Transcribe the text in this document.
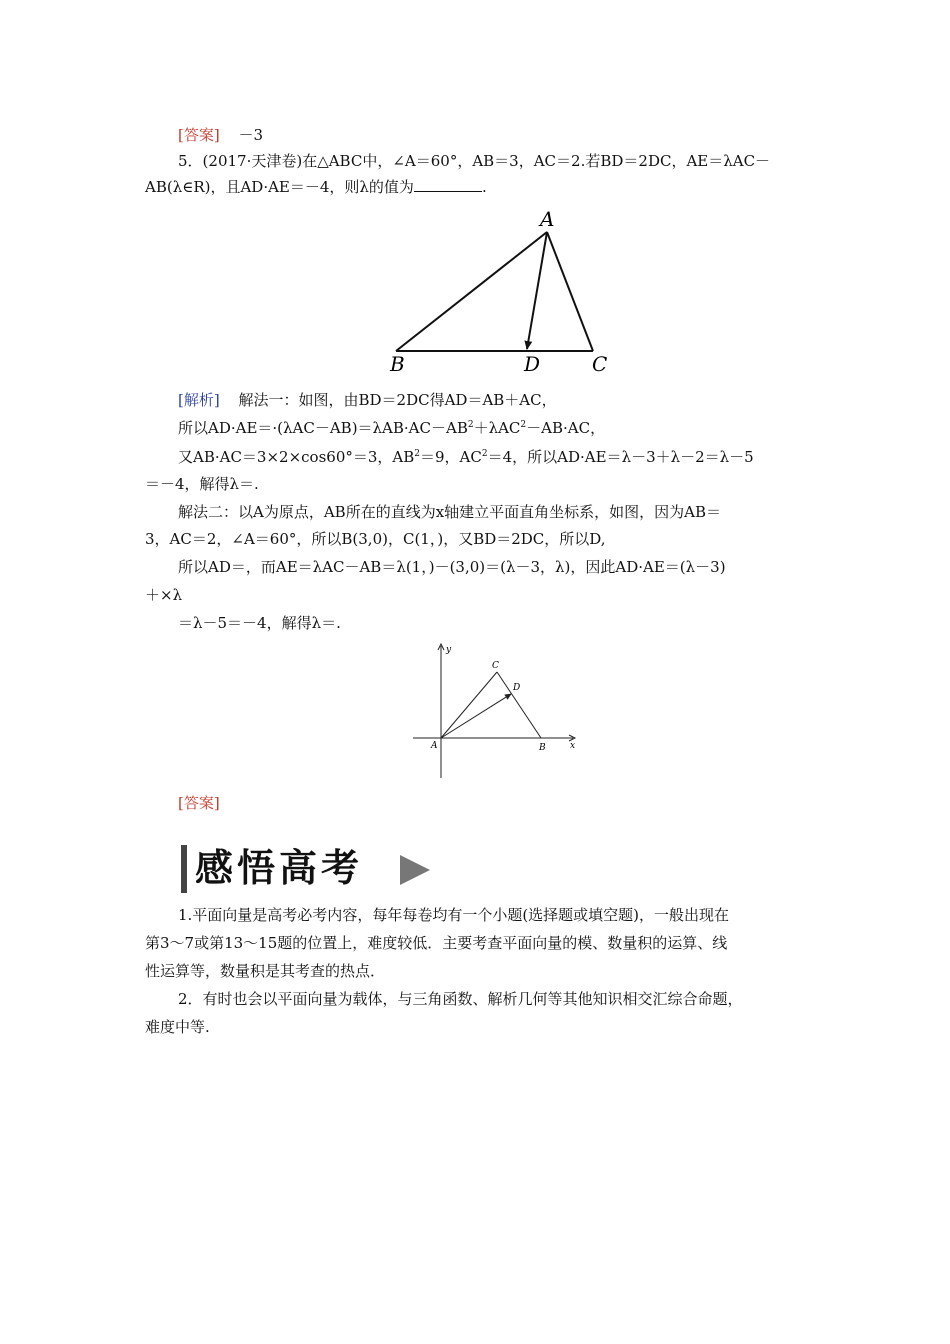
[答案] －3
5．(2017·天津卷)在△ABC中，∠A＝60°，AB＝3，AC＝2.若BD＝2DC，AE＝λAC－
AB(λ∈R)，且AD·AE＝－4，则λ的值为	.
A
B	D	C
[解析] 解法一：如图，由BD＝2DC得AD＝AB＋AC，
所以$AD\cdot AE=\cdot(\lambda AC-AB)=\lambda AB\cdot AC-AB^2+\lambda AC^2-AB\cdot AC$，
又AB·AC＝3×2×cos60°＝3，$AB^2=9$，$AC^2=4$，所以AD·AE＝λ－3＋λ－2＝λ－5
＝－4，解得λ＝.
解法二：以A为原点，AB所在的直线为x轴建立平面直角坐标系，如图，因为AB＝
3，AC＝2，∠A＝60°，所以B(3,0)，C(1，)，又BD＝2DC，所以D,
所以AD＝，而AE＝λAC－AB＝λ(1，)－(3,0)＝(λ－3，λ)，因此AD·AE＝(λ－3)
＋×λ
＝λ－5＝－4，解得λ＝.
y
x
A	B
C
D
[答案]
感悟高考
1.平面向量是高考必考内容，每年每卷均有一个小题(选择题或填空题)，一般出现在
第3～7或第13～15题的位置上，难度较低．主要考查平面向量的模、数量积的运算、线
性运算等，数量积是其考查的热点．
2．有时也会以平面向量为载体，与三角函数、解析几何等其他知识相交汇综合命题，
难度中等.
